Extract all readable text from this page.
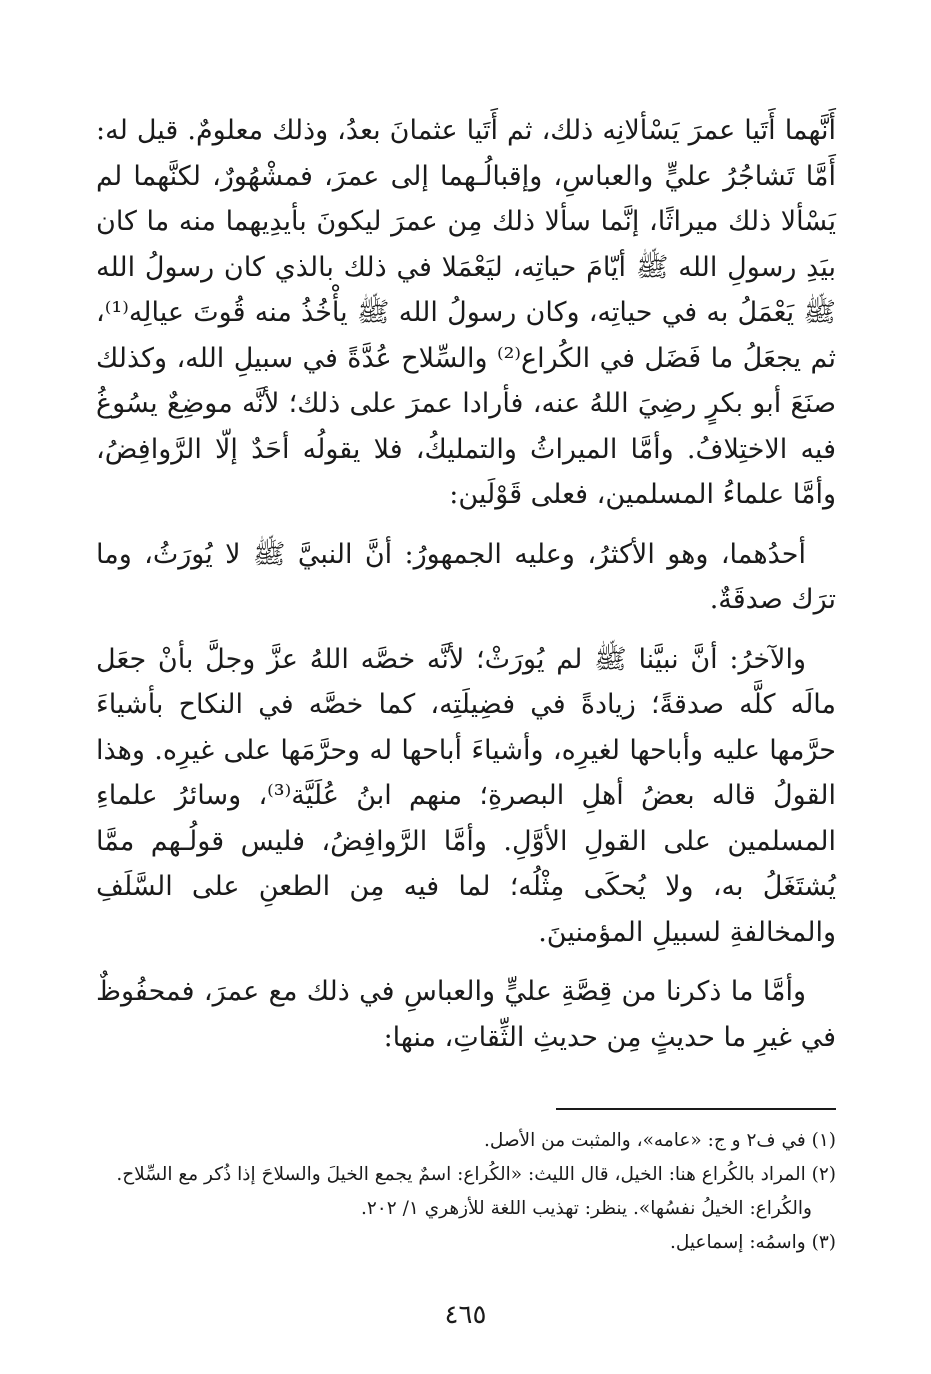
أَنَّهما أَتَيا عمرَ يَسْألانِه ذلك، ثم أَتَيا عثمانَ بعدُ، وذلك معلومٌ. قيل له: أَمَّا تَشاجُرُ عليٍّ والعباسِ، وإقبالُـهما إلى عمرَ، فمشْهُورٌ، لكنَّهما لم يَسْألا ذلك ميراثًا، إنَّما سألا ذلك مِن عمرَ ليكونَ بأيدِيهما منه ما كان بيَدِ رسولِ الله ﷺ أيّامَ حياتِه، ليَعْمَلا في ذلك بالذي كان رسولُ الله ﷺ يَعْمَلُ به في حياتِه، وكان رسولُ الله ﷺ يأْخُذُ منه قُوتَ عيالِه⁽¹⁾، ثم يجعَلُ ما فَضَل في الكُراع⁽²⁾ والسِّلاح عُدَّةً في سبيلِ الله، وكذلك صنَعَ أبو بكرٍ رضِيَ اللهُ عنه، فأرادا عمرَ على ذلك؛ لأنَّه موضِعٌ يسُوغُ فيه الاختِلافُ. وأمَّا الميراثُ والتمليكُ، فلا يقولُه أحَدٌ إلّا الرَّوافِضُ، وأمَّا علماءُ المسلمين، فعلى قَوْلَين:

أحدُهما، وهو الأكثرُ، وعليه الجمهورُ: أنَّ النبيَّ ﷺ لا يُورَثُ، وما ترَك صدقَةٌ.

والآخرُ: أنَّ نبيَّنا ﷺ لم يُورَثْ؛ لأنَّه خصَّه اللهُ عزَّ وجلَّ بأنْ جعَل مالَه كلَّه صدقةً؛ زيادةً في فضِيلَتِه، كما خصَّه في النكاح بأشياءَ حرَّمها عليه وأباحها لغيرِه، وأشياءَ أباحها له وحرَّمَها على غيرِه. وهذا القولُ قاله بعضُ أهلِ البصرةِ؛ منهم ابنُ عُلَيَّة⁽³⁾، وسائرُ علماءِ المسلمين على القولِ الأوَّلِ. وأمَّا الرَّوافِضُ، فليس قولُـهم ممَّا يُشتَغَلُ به، ولا يُحكَى مِثْلُه؛ لما فيه مِن الطعنِ على السَّلَفِ والمخالفةِ لسبيلِ المؤمنينَ.

وأمَّا ما ذكرنا من قِصَّةِ عليٍّ والعباسِ في ذلك مع عمرَ، فمحفُوظٌ في غيرِ ما حديثٍ مِن حديثِ الثِّقاتِ، منها:

(١) في ف٢ و ج: «عامه»، والمثبت من الأصل.

(٢) المراد بالكُراع هنا: الخيل، قال الليث: «الكُراع: اسمٌ يجمع الخيلَ والسلاحَ إذا ذُكر مع السِّلاح.

والكُراع: الخيلُ نفسُها». ينظر: تهذيب اللغة للأزهري ١/ ٢٠٢.

(٣) واسمُه: إسماعيل.

٤٦٥
